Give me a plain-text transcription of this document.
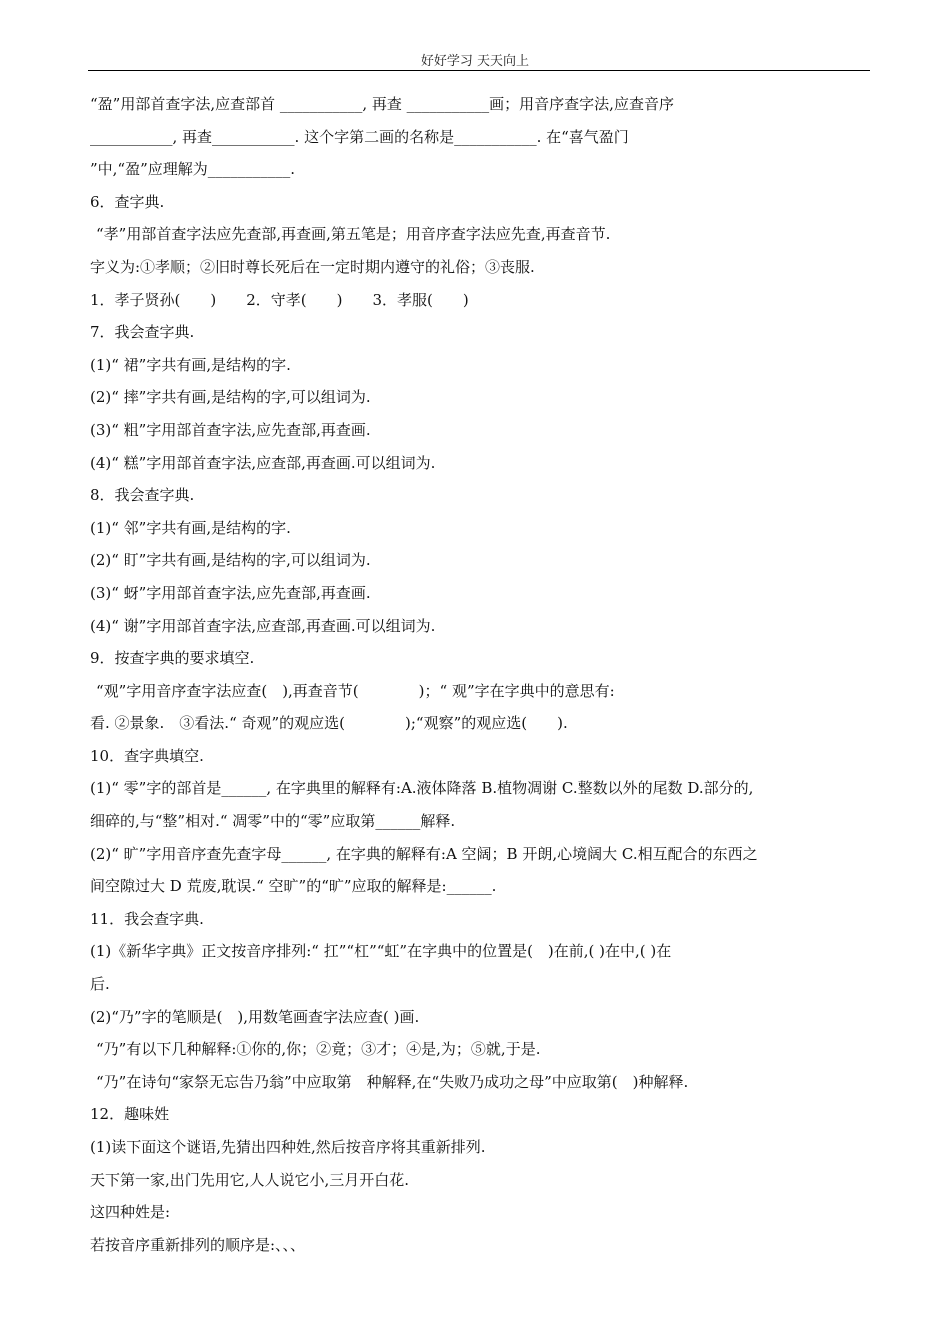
好好学习 天天向上
“盈”用部首查字法,应查部首 ___________, 再查 ___________画；用音序查字法,应查音序
___________, 再查___________. 这个字第二画的名称是___________. 在“喜气盈门
”中,“盈”应理解为___________.
6．查字典.
“孝”用部首查字法应先查部,再查画,第五笔是；用音序查字法应先查,再查音节.
字义为:①孝顺；②旧时尊长死后在一定时期内遵守的礼俗；③丧服.
1．孝子贤孙(　　)　　2．守孝(　　)　　3．孝服(　　)
7．我会查字典.
(1)“ 裙”字共有画,是结构的字.
(2)“ 摔”字共有画,是结构的字,可以组词为.
(3)“ 粗”字用部首查字法,应先查部,再查画.
(4)“ 糕”字用部首查字法,应查部,再查画.可以组词为.
8．我会查字典.
(1)“ 邻”字共有画,是结构的字.
(2)“ 盯”字共有画,是结构的字,可以组词为.
(3)“ 蚜”字用部首查字法,应先查部,再查画.
(4)“ 谢”字用部首查字法,应查部,再查画.可以组词为.
9．按查字典的要求填空.
“观”字用音序查字法应查(　),再查音节(　　　　)；“ 观”字在字典中的意思有:
看. ②景象.　③看法.“ 奇观”的观应选(　　　　);“观察”的观应选(　　).
10．查字典填空.
(1)“ 零”字的部首是______, 在字典里的解释有:A.液体降落 B.植物凋谢 C.整数以外的尾数 D.部分的,
细碎的,与“整”相对.“ 凋零”中的“零”应取第______解释.
(2)“ 旷”字用音序查先查字母______, 在字典的解释有:A 空阔；B 开朗,心境阔大 C.相互配合的东西之
间空隙过大 D 荒废,耽误.“ 空旷”的“旷”应取的解释是:______.
11．我会查字典.
(1)《新华字典》正文按音序排列:“ 扛”“杠”“虹”在字典中的位置是(　)在前,( )在中,( )在
后.
(2)“乃”字的笔顺是(　),用数笔画查字法应查( )画.
“乃”有以下几种解释:①你的,你；②竟；③才；④是,为；⑤就,于是.
“乃”在诗句“家祭无忘告乃翁”中应取第　种解释,在“失败乃成功之母”中应取第(　)种解释.
12．趣味姓
(1)读下面这个谜语,先猜出四种姓,然后按音序将其重新排列.
天下第一家,出门先用它,人人说它小,三月开白花.
这四种姓是:
若按音序重新排列的顺序是:、、、
